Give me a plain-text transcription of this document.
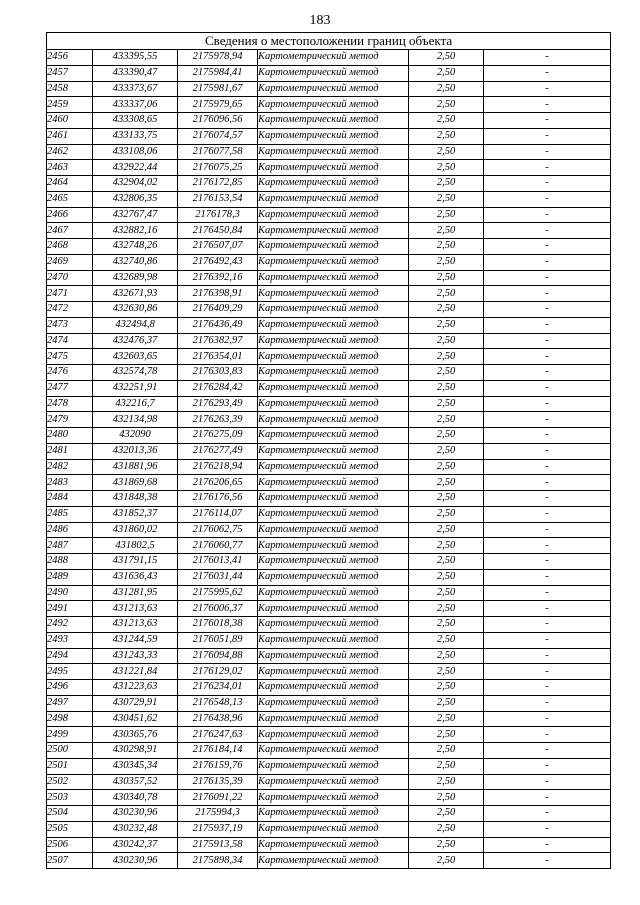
183
Сведения о местоположении границ объекта					
2456	433395,55	2175978,94	Картометрический метод	2,50	-
2457	433390,47	2175984,41	Картометрический метод	2,50	-
2458	433373,67	2175981,67	Картометрический метод	2,50	-
2459	433337,06	2175979,65	Картометрический метод	2,50	-
2460	433308,65	2176096,56	Картометрический метод	2,50	-
2461	433133,75	2176074,57	Картометрический метод	2,50	-
2462	433108,06	2176077,58	Картометрический метод	2,50	-
2463	432922,44	2176075,25	Картометрический метод	2,50	-
2464	432904,02	2176172,85	Картометрический метод	2,50	-
2465	432806,35	2176153,54	Картометрический метод	2,50	-
2466	432767,47	2176178,3	Картометрический метод	2,50	-
2467	432882,16	2176450,84	Картометрический метод	2,50	-
2468	432748,26	2176507,07	Картометрический метод	2,50	-
2469	432740,86	2176492,43	Картометрический метод	2,50	-
2470	432689,98	2176392,16	Картометрический метод	2,50	-
2471	432671,93	2176398,91	Картометрический метод	2,50	-
2472	432630,86	2176409,29	Картометрический метод	2,50	-
2473	432494,8	2176436,49	Картометрический метод	2,50	-
2474	432476,37	2176382,97	Картометрический метод	2,50	-
2475	432603,65	2176354,01	Картометрический метод	2,50	-
2476	432574,78	2176303,83	Картометрический метод	2,50	-
2477	432251,91	2176284,42	Картометрический метод	2,50	-
2478	432216,7	2176293,49	Картометрический метод	2,50	-
2479	432134,98	2176263,39	Картометрический метод	2,50	-
2480	432090	2176275,09	Картометрический метод	2,50	-
2481	432013,36	2176277,49	Картометрический метод	2,50	-
2482	431881,96	2176218,94	Картометрический метод	2,50	-
2483	431869,68	2176206,65	Картометрический метод	2,50	-
2484	431848,38	2176176,56	Картометрический метод	2,50	-
2485	431852,37	2176114,07	Картометрический метод	2,50	-
2486	431860,02	2176062,75	Картометрический метод	2,50	-
2487	431802,5	2176060,77	Картометрический метод	2,50	-
2488	431791,15	2176013,41	Картометрический метод	2,50	-
2489	431636,43	2176031,44	Картометрический метод	2,50	-
2490	431281,95	2175995,62	Картометрический метод	2,50	-
2491	431213,63	2176006,37	Картометрический метод	2,50	-
2492	431213,63	2176018,38	Картометрический метод	2,50	-
2493	431244,59	2176051,89	Картометрический метод	2,50	-
2494	431243,33	2176094,88	Картометрический метод	2,50	-
2495	431221,84	2176129,02	Картометрический метод	2,50	-
2496	431223,63	2176234,01	Картометрический метод	2,50	-
2497	430729,91	2176548,13	Картометрический метод	2,50	-
2498	430451,62	2176438,96	Картометрический метод	2,50	-
2499	430365,76	2176247,63	Картометрический метод	2,50	-
2500	430298,91	2176184,14	Картометрический метод	2,50	-
2501	430345,34	2176159,76	Картометрический метод	2,50	-
2502	430357,52	2176135,39	Картометрический метод	2,50	-
2503	430340,78	2176091,22	Картометрический метод	2,50	-
2504	430230,96	2175994,3	Картометрический метод	2,50	-
2505	430232,48	2175937,19	Картометрический метод	2,50	-
2506	430242,37	2175913,58	Картометрический метод	2,50	-
2507	430230,96	2175898,34	Картометрический метод	2,50	-
